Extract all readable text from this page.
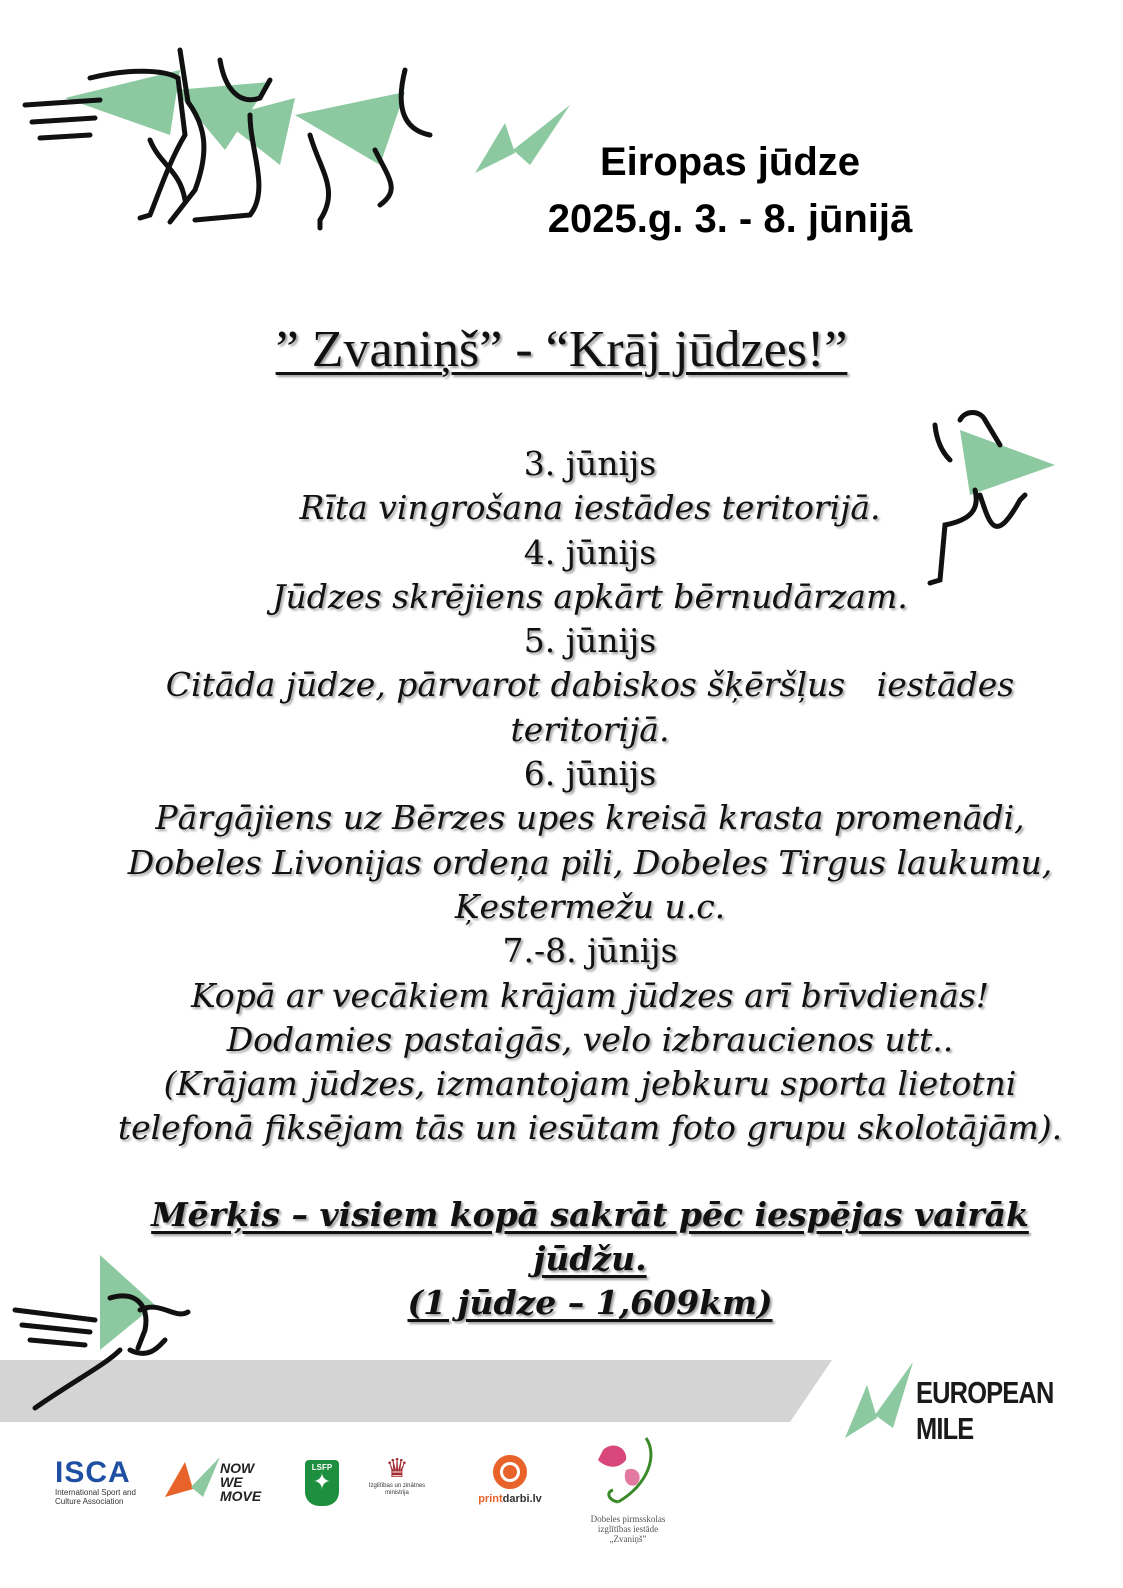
Eiropas jūdze
2025.g. 3. - 8. jūnijā
” Zvaniņš” - “Krāj jūdzes!”
3. jūnijs
Rīta vingrošana iestādes teritorijā.
4. jūnijs
Jūdzes skrējiens apkārt bērnudārzam.
5. jūnijs
Citāda jūdze, pārvarot dabiskos šķēršļus   iestādes
teritorijā.
6. jūnijs
Pārgājiens uz Bērzes upes kreisā krasta promenādi,
Dobeles Livonijas ordeņa pili, Dobeles Tirgus laukumu,
Ķestermežu u.c.
7.-8. jūnijs
Kopā ar vecākiem krājam jūdzes arī brīvdienās!
Dodamies pastaigās, velo izbraucienos utt..
(Krājam jūdzes, izmantojam jebkuru sporta lietotni
telefonā fiksējam tās un iesūtam foto grupu skolotājām).
Mērķis – visiem kopā sakrāt pēc iespējas vairāk jūdžu.
(1 jūdze – 1,609km)
EUROPEAN MILE
ISCA
International Sport and
Culture Association
NOW
WE MOVE
LSFP
✦	♛
Izglītības un zinātnes
ministrija	printdarbi.lv
Dobeles pirmsskolas
izglītības iestāde
„Zvaniņš”
